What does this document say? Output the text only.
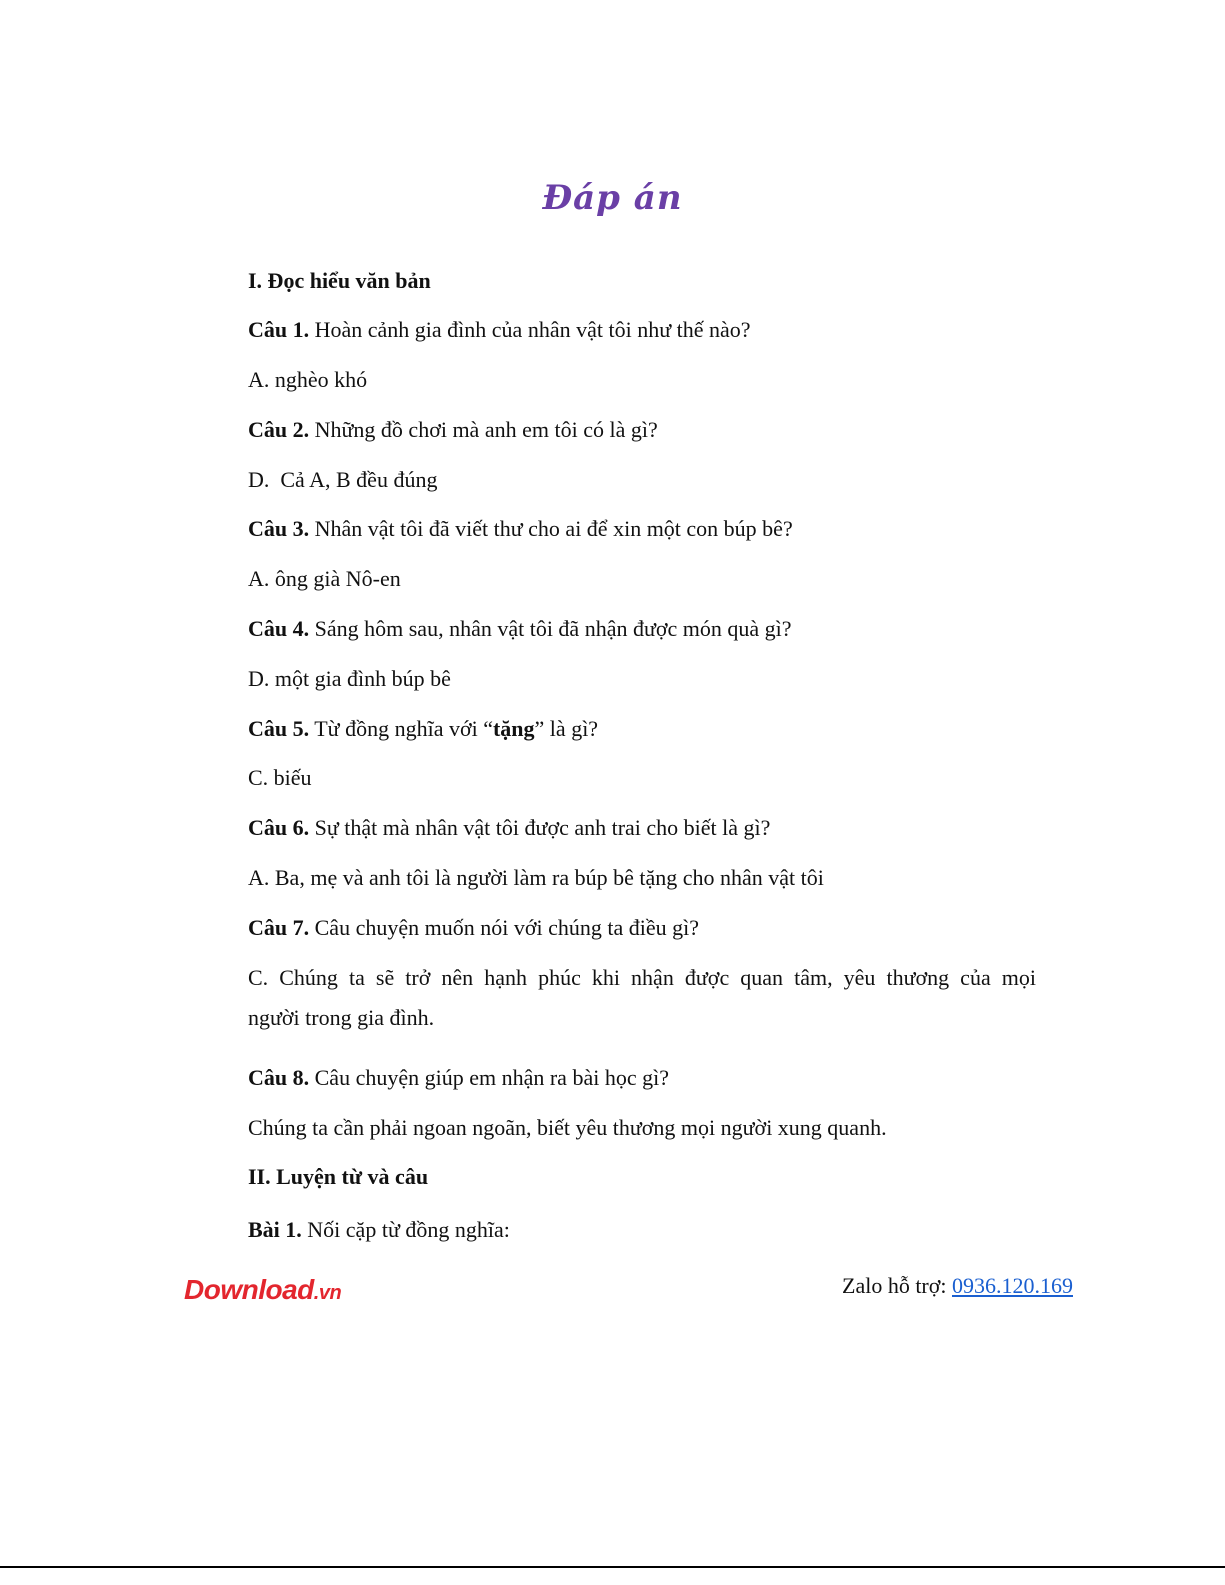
Đáp án
I. Đọc hiểu văn bản
Câu 1. Hoàn cảnh gia đình của nhân vật tôi như thế nào?
A. nghèo khó
Câu 2. Những đồ chơi mà anh em tôi có là gì?
D.  Cả A, B đều đúng
Câu 3. Nhân vật tôi đã viết thư cho ai để xin một con búp bê?
A. ông già Nô-en
Câu 4. Sáng hôm sau, nhân vật tôi đã nhận được món quà gì?
D. một gia đình búp bê
Câu 5. Từ đồng nghĩa với “tặng” là gì?
C. biếu
Câu 6. Sự thật mà nhân vật tôi được anh trai cho biết là gì?
A. Ba, mẹ và anh tôi là người làm ra búp bê tặng cho nhân vật tôi
Câu 7. Câu chuyện muốn nói với chúng ta điều gì?
C. Chúng ta sẽ trở nên hạnh phúc khi nhận được quan tâm, yêu thương của mọi
người trong gia đình.
Câu 8. Câu chuyện giúp em nhận ra bài học gì?
Chúng ta cần phải ngoan ngoãn, biết yêu thương mọi người xung quanh.
II. Luyện từ và câu
Bài 1. Nối cặp từ đồng nghĩa:
Download.vn	Zalo hỗ trợ: 0936.120.169
